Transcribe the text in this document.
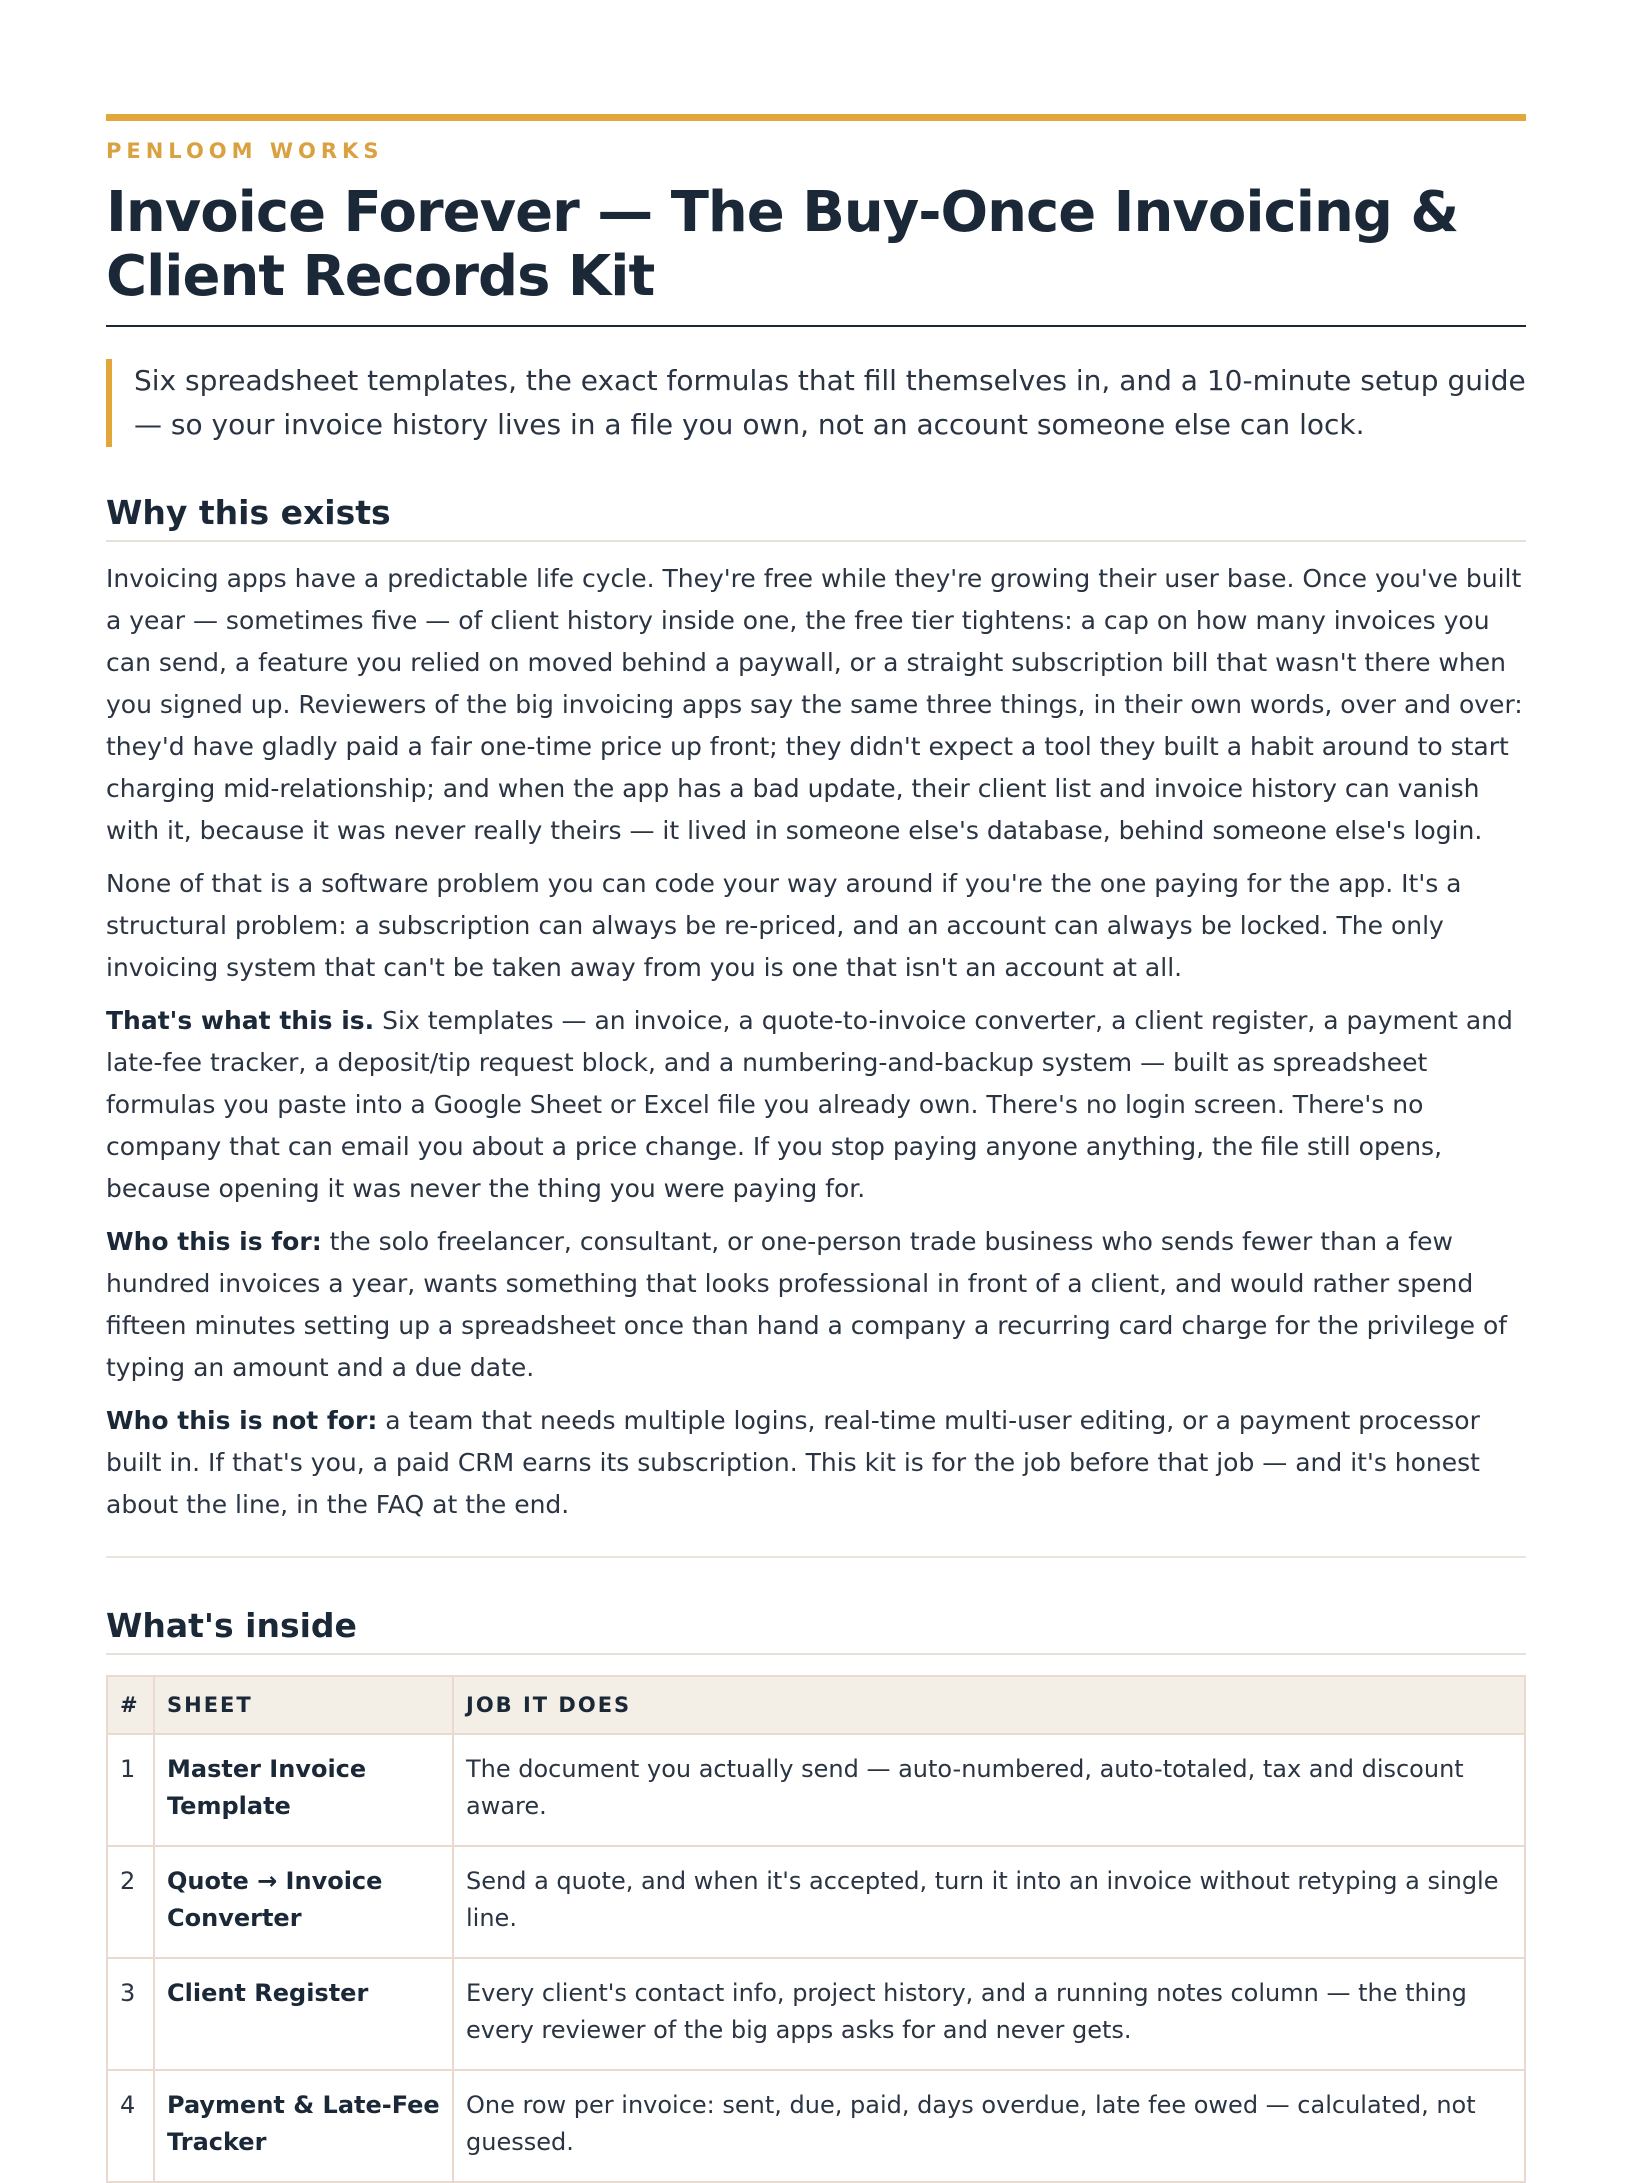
PENLOOM WORKS
Invoice Forever — The Buy-Once Invoicing & Client Records Kit
Six spreadsheet templates, the exact formulas that fill themselves in, and a 10-minute setup guide — so your invoice history lives in a file you own, not an account someone else can lock.
Why this exists

Invoicing apps have a predictable life cycle. They're free while they're growing their user base. Once you've built a year — sometimes five — of client history inside one, the free tier tightens: a cap on how many invoices you can send, a feature you relied on moved behind a paywall, or a straight subscription bill that wasn't there when you signed up. Reviewers of the big invoicing apps say the same three things, in their own words, over and over: they'd have gladly paid a fair one-time price up front; they didn't expect a tool they built a habit around to start charging mid-relationship; and when the app has a bad update, their client list and invoice history can vanish with it, because it was never really theirs — it lived in someone else's database, behind someone else's login.

None of that is a software problem you can code your way around if you're the one paying for the app. It's a structural problem: a subscription can always be re-priced, and an account can always be locked. The only invoicing system that can't be taken away from you is one that isn't an account at all.

That's what this is. Six templates — an invoice, a quote-to-invoice converter, a client register, a payment and late-fee tracker, a deposit/tip request block, and a numbering-and-backup system — built as spreadsheet formulas you paste into a Google Sheet or Excel file you already own. There's no login screen. There's no company that can email you about a price change. If you stop paying anyone anything, the file still opens, because opening it was never the thing you were paying for.

Who this is for: the solo freelancer, consultant, or one-person trade business who sends fewer than a few hundred invoices a year, wants something that looks professional in front of a client, and would rather spend fifteen minutes setting up a spreadsheet once than hand a company a recurring card charge for the privilege of typing an amount and a due date.

Who this is not for: a team that needs multiple logins, real-time multi-user editing, or a payment processor built in. If that's you, a paid CRM earns its subscription. This kit is for the job before that job — and it's honest about the line, in the FAQ at the end.

What's inside
#	SHEET	JOB IT DOES
1	Master Invoice Template	The document you actually send — auto-numbered, auto-totaled, tax and discount aware.
2	Quote → Invoice Converter	Send a quote, and when it's accepted, turn it into an invoice without retyping a single line.
3	Client Register	Every client's contact info, project history, and a running notes column — the thing every reviewer of the big apps asks for and never gets.
4	Payment & Late-Fee Tracker	One row per invoice: sent, due, paid, days overdue, late fee owed — calculated, not guessed.
